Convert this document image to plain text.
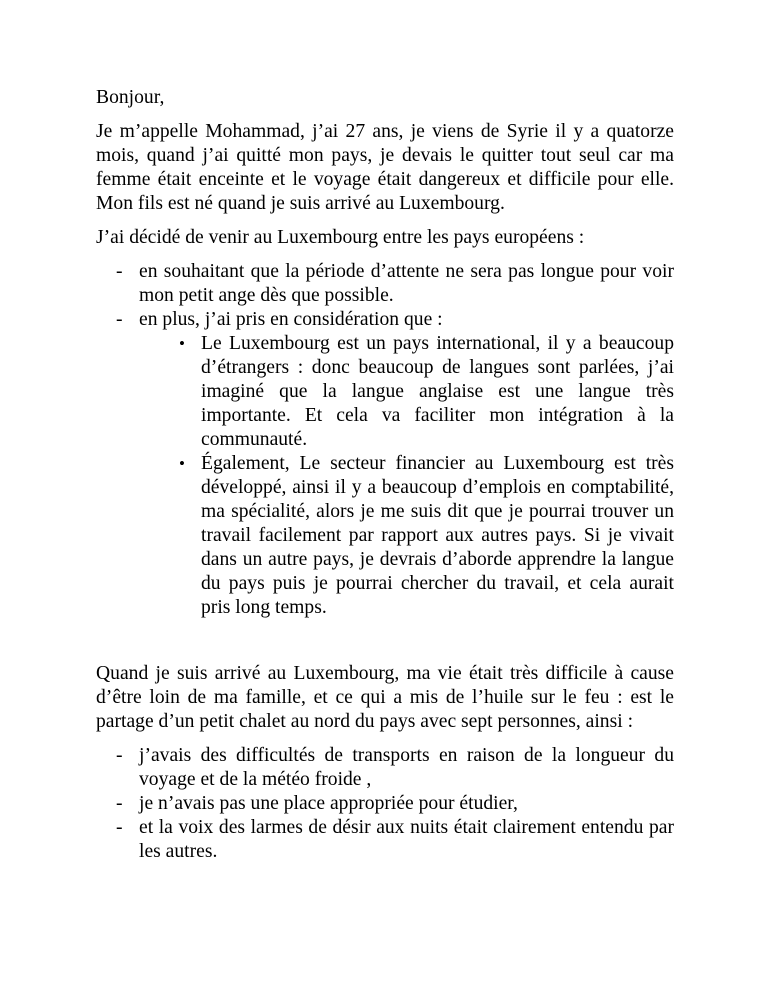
Bonjour,

Je m’appelle Mohammad, j’ai 27 ans, je viens de Syrie il y a quatorze mois, quand j’ai quitté mon pays, je devais le quitter tout seul car ma femme était enceinte et le voyage était dangereux et difficile pour elle. Mon fils est né quand je suis arrivé au Luxembourg.

J’ai décidé de venir au Luxembourg entre les pays européens :

- en souhaitant que la période d’attente ne sera pas longue pour voir mon petit ange dès que possible.
- en plus, j’ai pris en considération que :
• Le Luxembourg est un pays international, il y a beaucoup d’étrangers : donc beaucoup de langues sont parlées, j’ai imaginé que la langue anglaise est une langue très importante. Et cela va faciliter mon intégration à la communauté.
• Également, Le secteur financier au Luxembourg est très développé, ainsi il y a beaucoup d’emplois en comptabilité, ma spécialité, alors je me suis dit que je pourrai trouver un travail facilement par rapport aux autres pays. Si je vivait dans un autre pays, je devrais d’aborde apprendre la langue du pays puis je pourrai chercher du travail, et cela aurait pris long temps.

Quand je suis arrivé au Luxembourg, ma vie était très difficile à cause d’être loin de ma famille, et ce qui a mis de l’huile sur le feu : est le partage d’un petit chalet au nord du pays avec sept personnes, ainsi :

- j’avais des difficultés de transports en raison de la longueur du voyage et de la météo froide ,
- je n’avais pas une place appropriée pour étudier,
- et la voix des larmes de désir aux nuits était clairement entendu par les autres.
